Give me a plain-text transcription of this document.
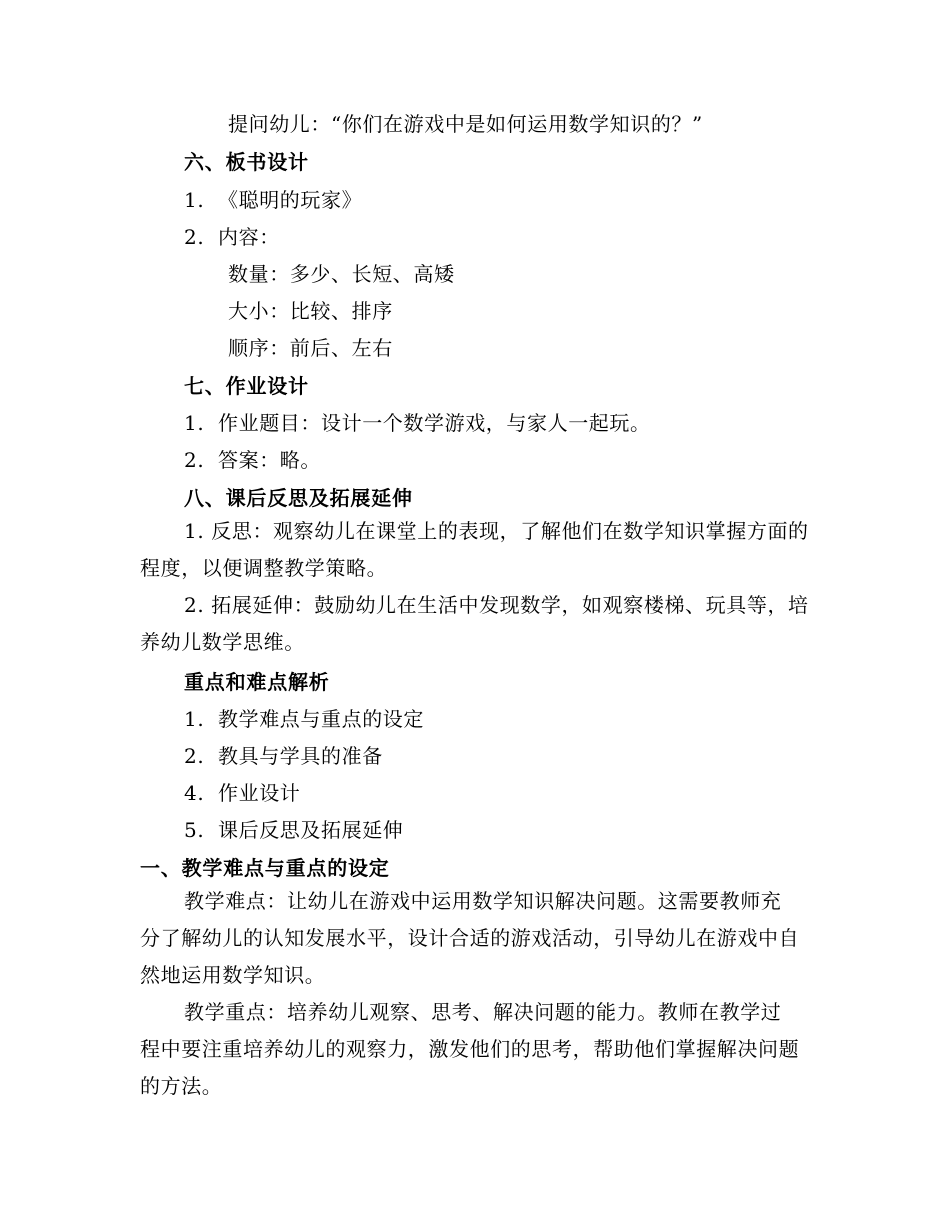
提问幼儿：“你们在游戏中是如何运用数学知识的？”
六、板书设计
1. 《聪明的玩家》
2. 内容：
数量：多少、长短、高矮
大小：比较、排序
顺序：前后、左右
七、作业设计
1. 作业题目：设计一个数学游戏，与家人一起玩。
2. 答案：略。
八、课后反思及拓展延伸

1. 反思：观察幼儿在课堂上的表现，了解他们在数学知识掌握方面的程度，以便调整教学策略。

2. 拓展延伸：鼓励幼儿在生活中发现数学，如观察楼梯、玩具等，培养幼儿数学思维。

重点和难点解析
1. 教学难点与重点的设定
2. 教具与学具的准备
4. 作业设计
5. 课后反思及拓展延伸
一、教学难点与重点的设定

教学难点：让幼儿在游戏中运用数学知识解决问题。这需要教师充分了解幼儿的认知发展水平，设计合适的游戏活动，引导幼儿在游戏中自然地运用数学知识。

教学重点：培养幼儿观察、思考、解决问题的能力。教师在教学过程中要注重培养幼儿的观察力，激发他们的思考，帮助他们掌握解决问题的方法。
